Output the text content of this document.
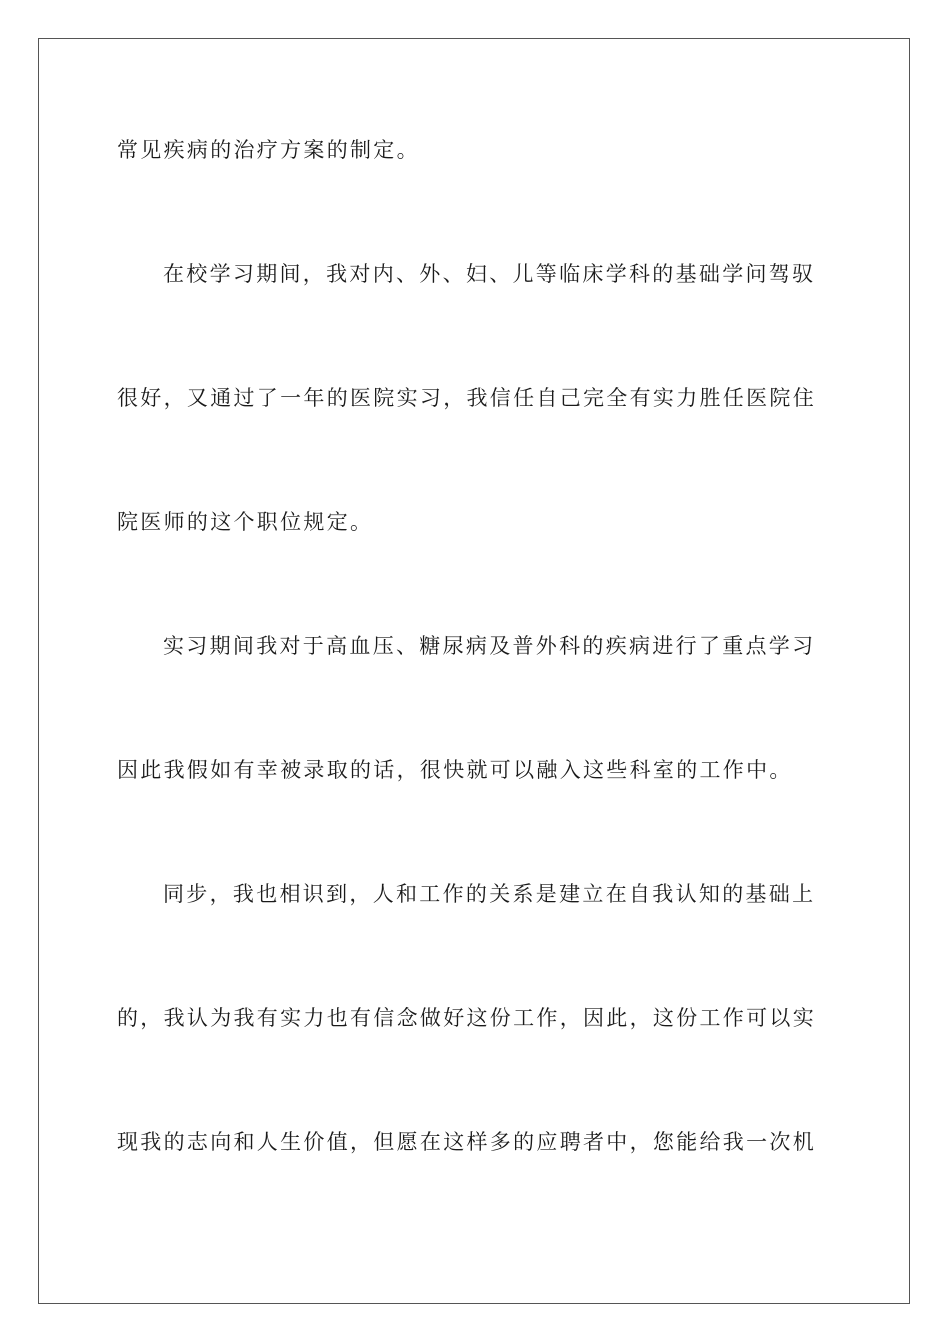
常见疾病的治疗方案的制定。
在校学习期间，我对内、外、妇、儿等临床学科的基础学问驾驭
很好，又通过了一年的医院实习，我信任自己完全有实力胜任医院住
院医师的这个职位规定。
实习期间我对于高血压、糖尿病及普外科的疾病进行了重点学习
因此我假如有幸被录取的话，很快就可以融入这些科室的工作中。
同步，我也相识到，人和工作的关系是建立在自我认知的基础上
的，我认为我有实力也有信念做好这份工作，因此，这份工作可以实
现我的志向和人生价值，但愿在这样多的应聘者中，您能给我一次机
